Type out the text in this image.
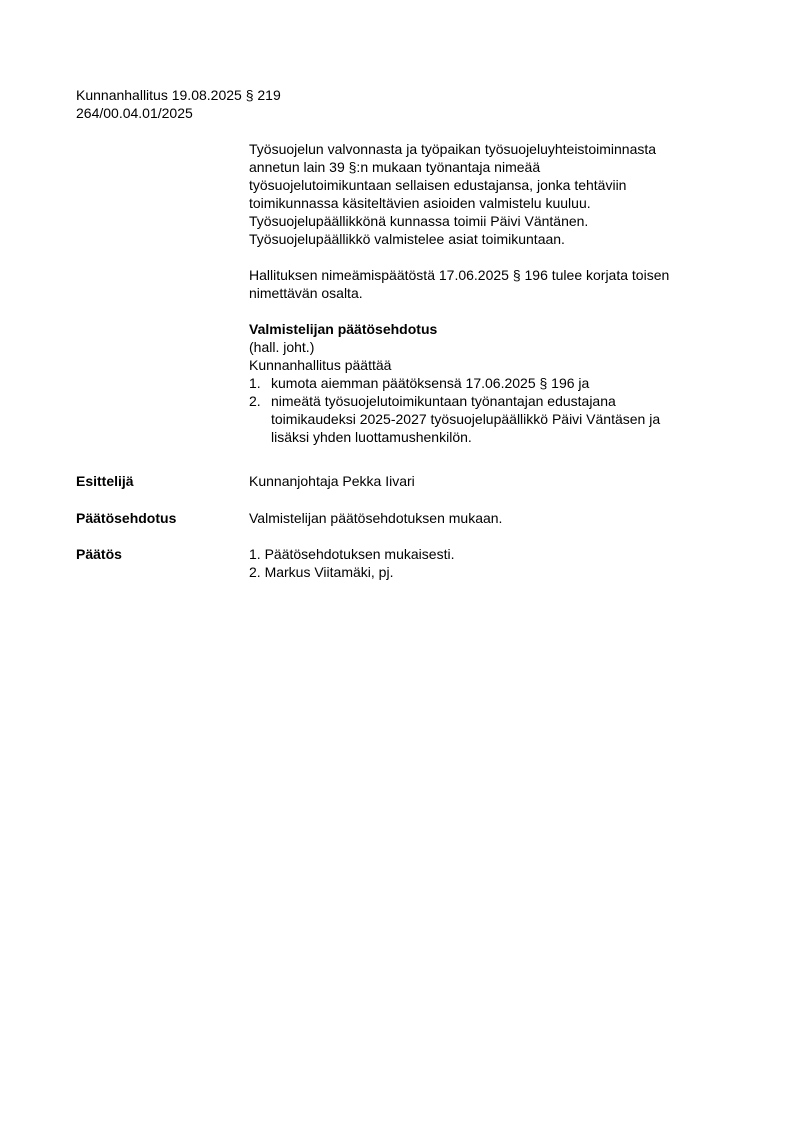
Kunnanhallitus 19.08.2025 § 219
264/00.04.01/2025
Työsuojelun valvonnasta ja työpaikan työsuojeluyhteistoiminnasta
annetun lain 39 §:n mukaan työnantaja nimeää
työsuojelutoimikuntaan sellaisen edustajansa, jonka tehtäviin
toimikunnassa käsiteltävien asioiden valmistelu kuuluu.
Työsuojelupäällikkönä kunnassa toimii Päivi Väntänen.
Työsuojelupäällikkö valmistelee asiat toimikuntaan.
Hallituksen nimeämispäätöstä 17.06.2025 § 196 tulee korjata toisen
nimettävän osalta.
Valmistelijan päätösehdotus
(hall. joht.)
Kunnanhallitus päättää
1. kumota aiemman päätöksensä 17.06.2025 § 196 ja
2. nimeätä työsuojelutoimikuntaan työnantajan edustajana
toimikaudeksi 2025-2027 työsuojelupäällikkö Päivi Väntäsen ja
lisäksi yhden luottamushenkilön.
Esittelijä	Kunnanjohtaja Pekka Iivari
Päätösehdotus	Valmistelijan päätösehdotuksen mukaan.
Päätös	1. Päätösehdotuksen mukaisesti.
2. Markus Viitamäki, pj.
